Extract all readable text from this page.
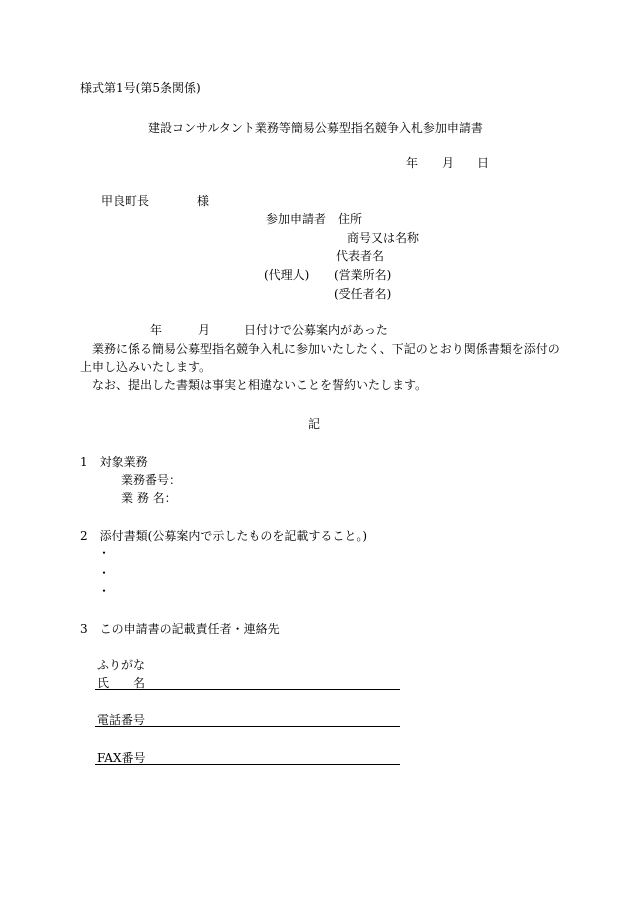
様式第1号(第5条関係)
建設コンサルタント業務等簡易公募型指名競争入札参加申請書
年 月 日
甲良町長	様
参加申請者 住所
商号又は名称
代表者名
(代理人) (営業所名)
(受任者名)
年	月	日付けで公募案内があった
業務に係る簡易公募型指名競争入札に参加いたしたく、下記のとおり関係書類を添付の
上申し込みいたします。
なお、提出した書類は事実と相違ないことを誓約いたします。
記
1　対象業務
業務番号：
業 務 名：
2　添付書類(公募案内で示したものを記載すること。)
・
・
・
3　この申請書の記載責任者・連絡先
ふりがな
氏　　名
電話番号
FAX番号
